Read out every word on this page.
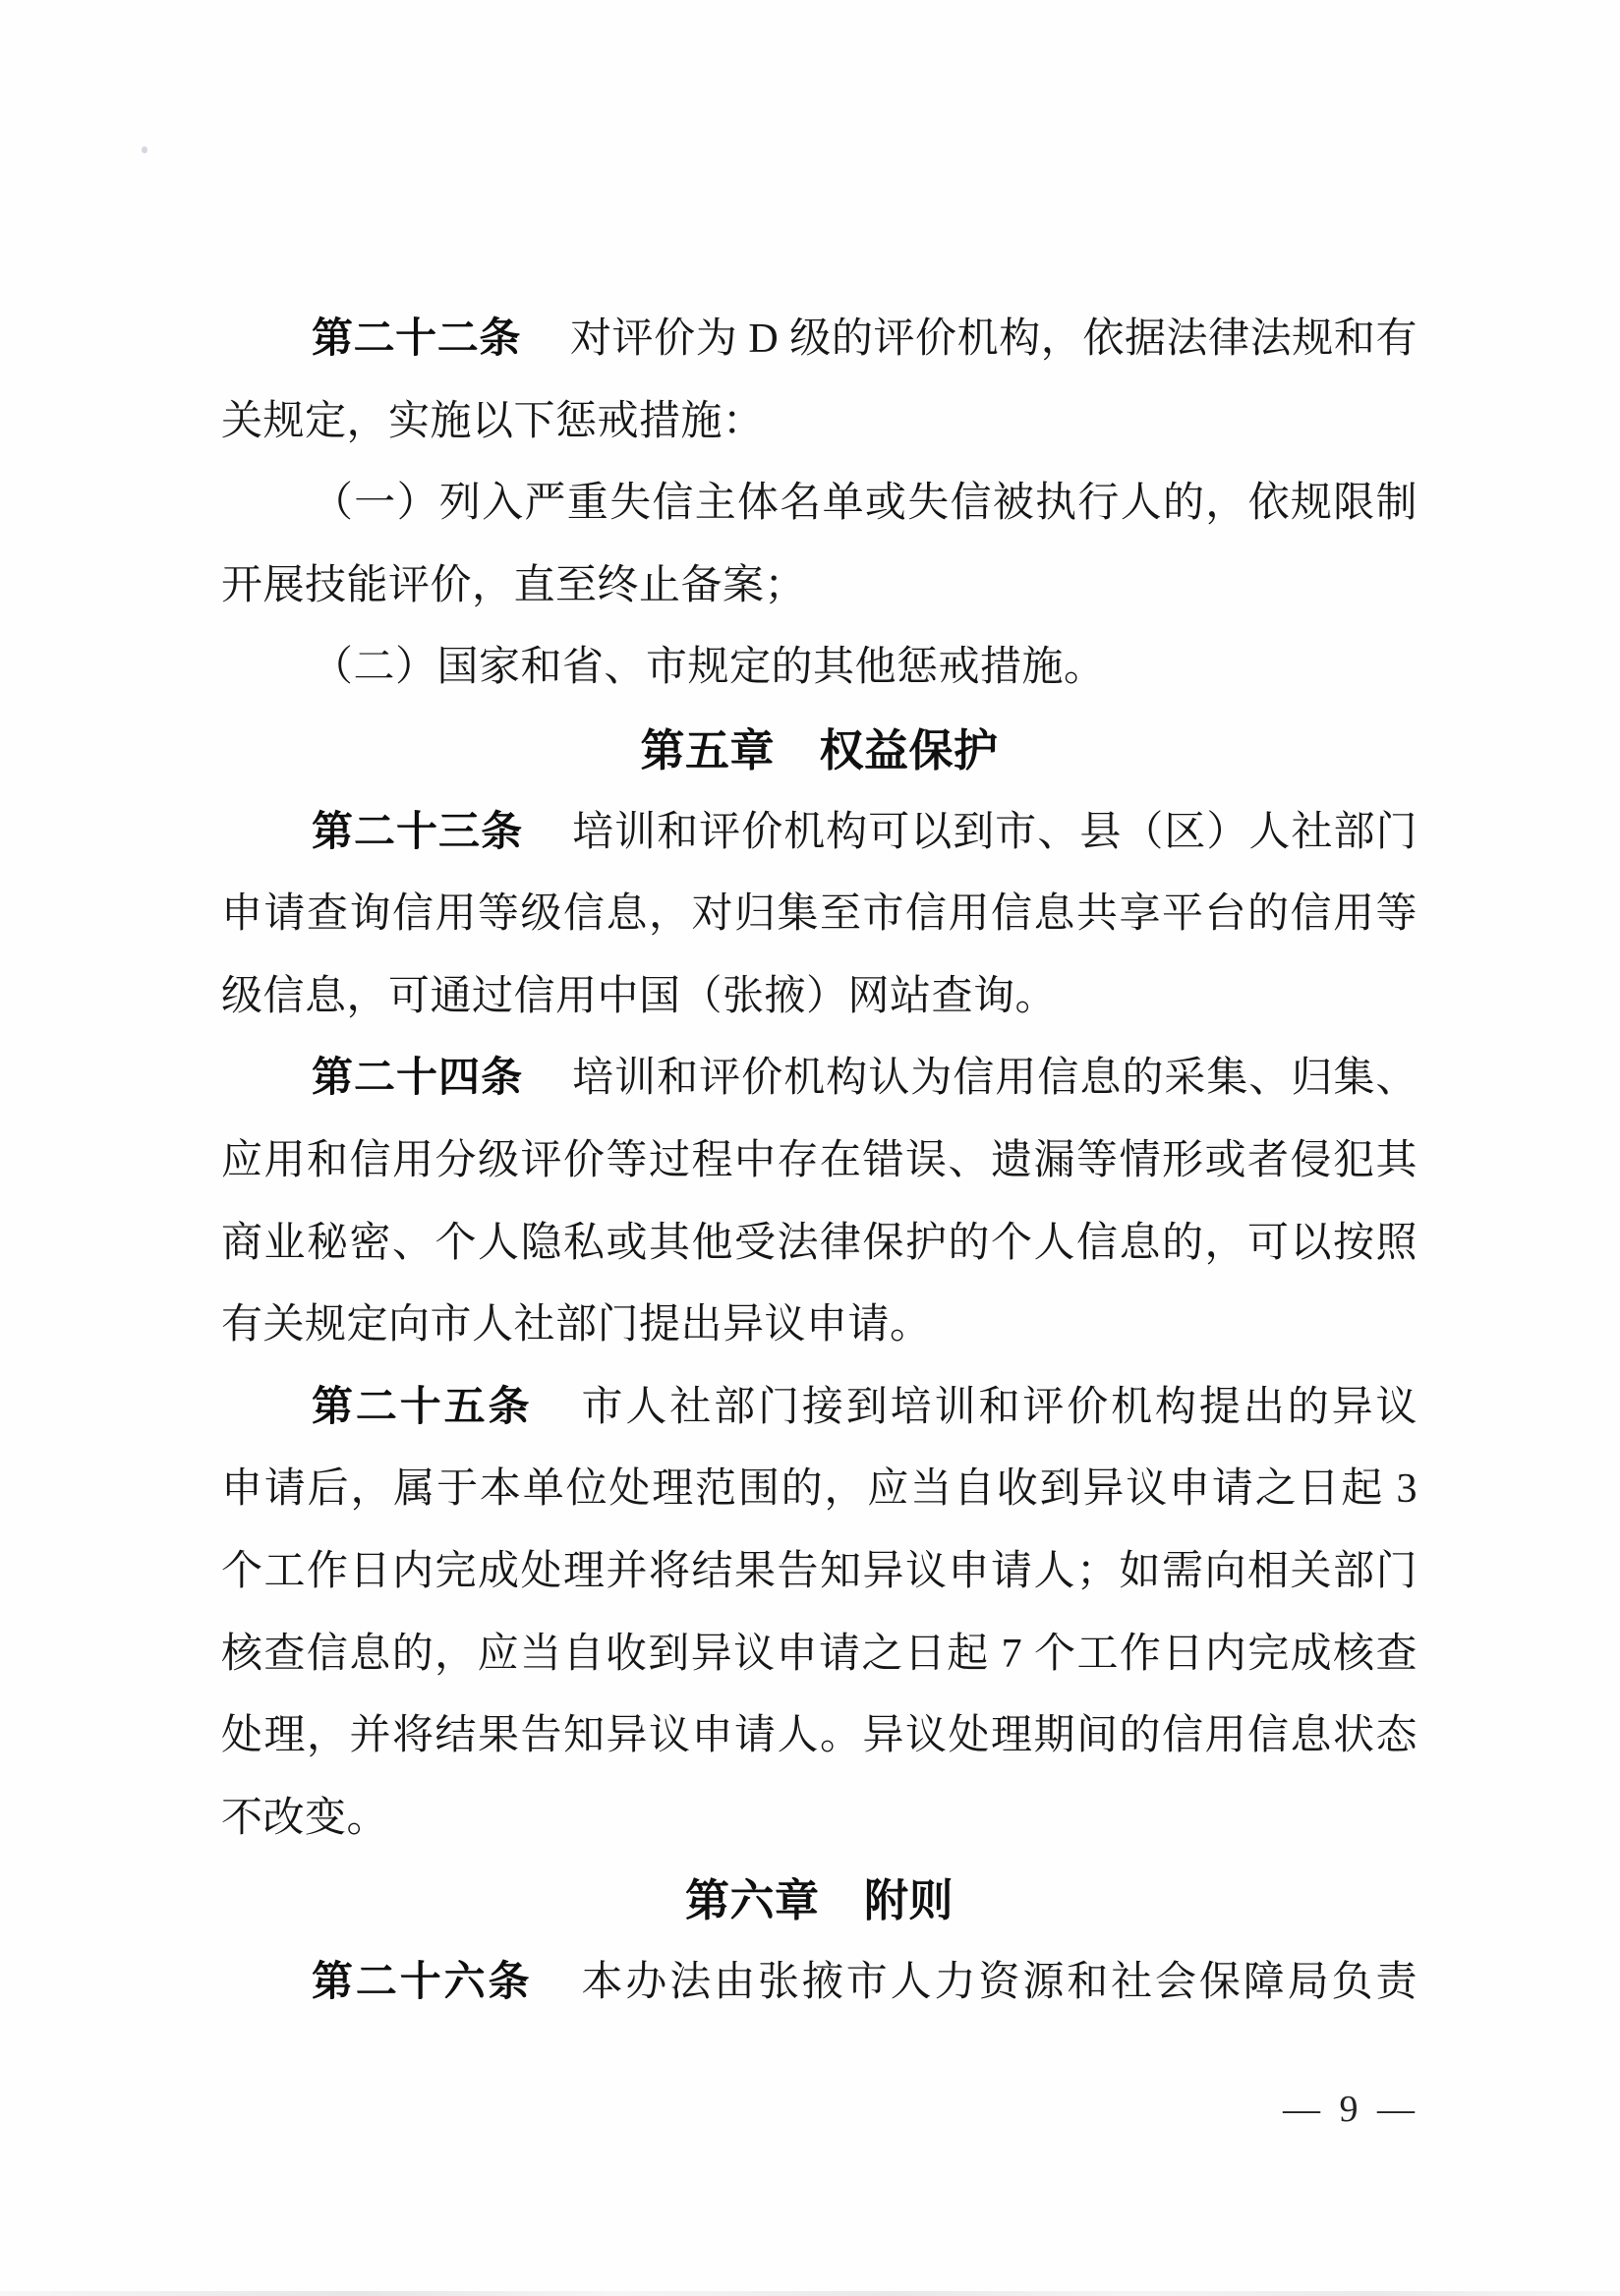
第二十二条 对评价为 D 级的评价机构，依据法律法规和有
关规定，实施以下惩戒措施：
（一）列入严重失信主体名单或失信被执行人的，依规限制
开展技能评价，直至终止备案；
（二）国家和省、市规定的其他惩戒措施。
第五章　权益保护
第二十三条 培训和评价机构可以到市、县（区）人社部门
申请查询信用等级信息，对归集至市信用信息共享平台的信用等
级信息，可通过信用中国（张掖）网站查询。
第二十四条 培训和评价机构认为信用信息的采集、归集、
应用和信用分级评价等过程中存在错误、遗漏等情形或者侵犯其
商业秘密、个人隐私或其他受法律保护的个人信息的，可以按照
有关规定向市人社部门提出异议申请。
第二十五条 市人社部门接到培训和评价机构提出的异议
申请后，属于本单位处理范围的，应当自收到异议申请之日起 3
个工作日内完成处理并将结果告知异议申请人；如需向相关部门
核查信息的，应当自收到异议申请之日起 7 个工作日内完成核查
处理，并将结果告知异议申请人。异议处理期间的信用信息状态
不改变。
第六章　附则
第二十六条 本办法由张掖市人力资源和社会保障局负责
— 9 —
